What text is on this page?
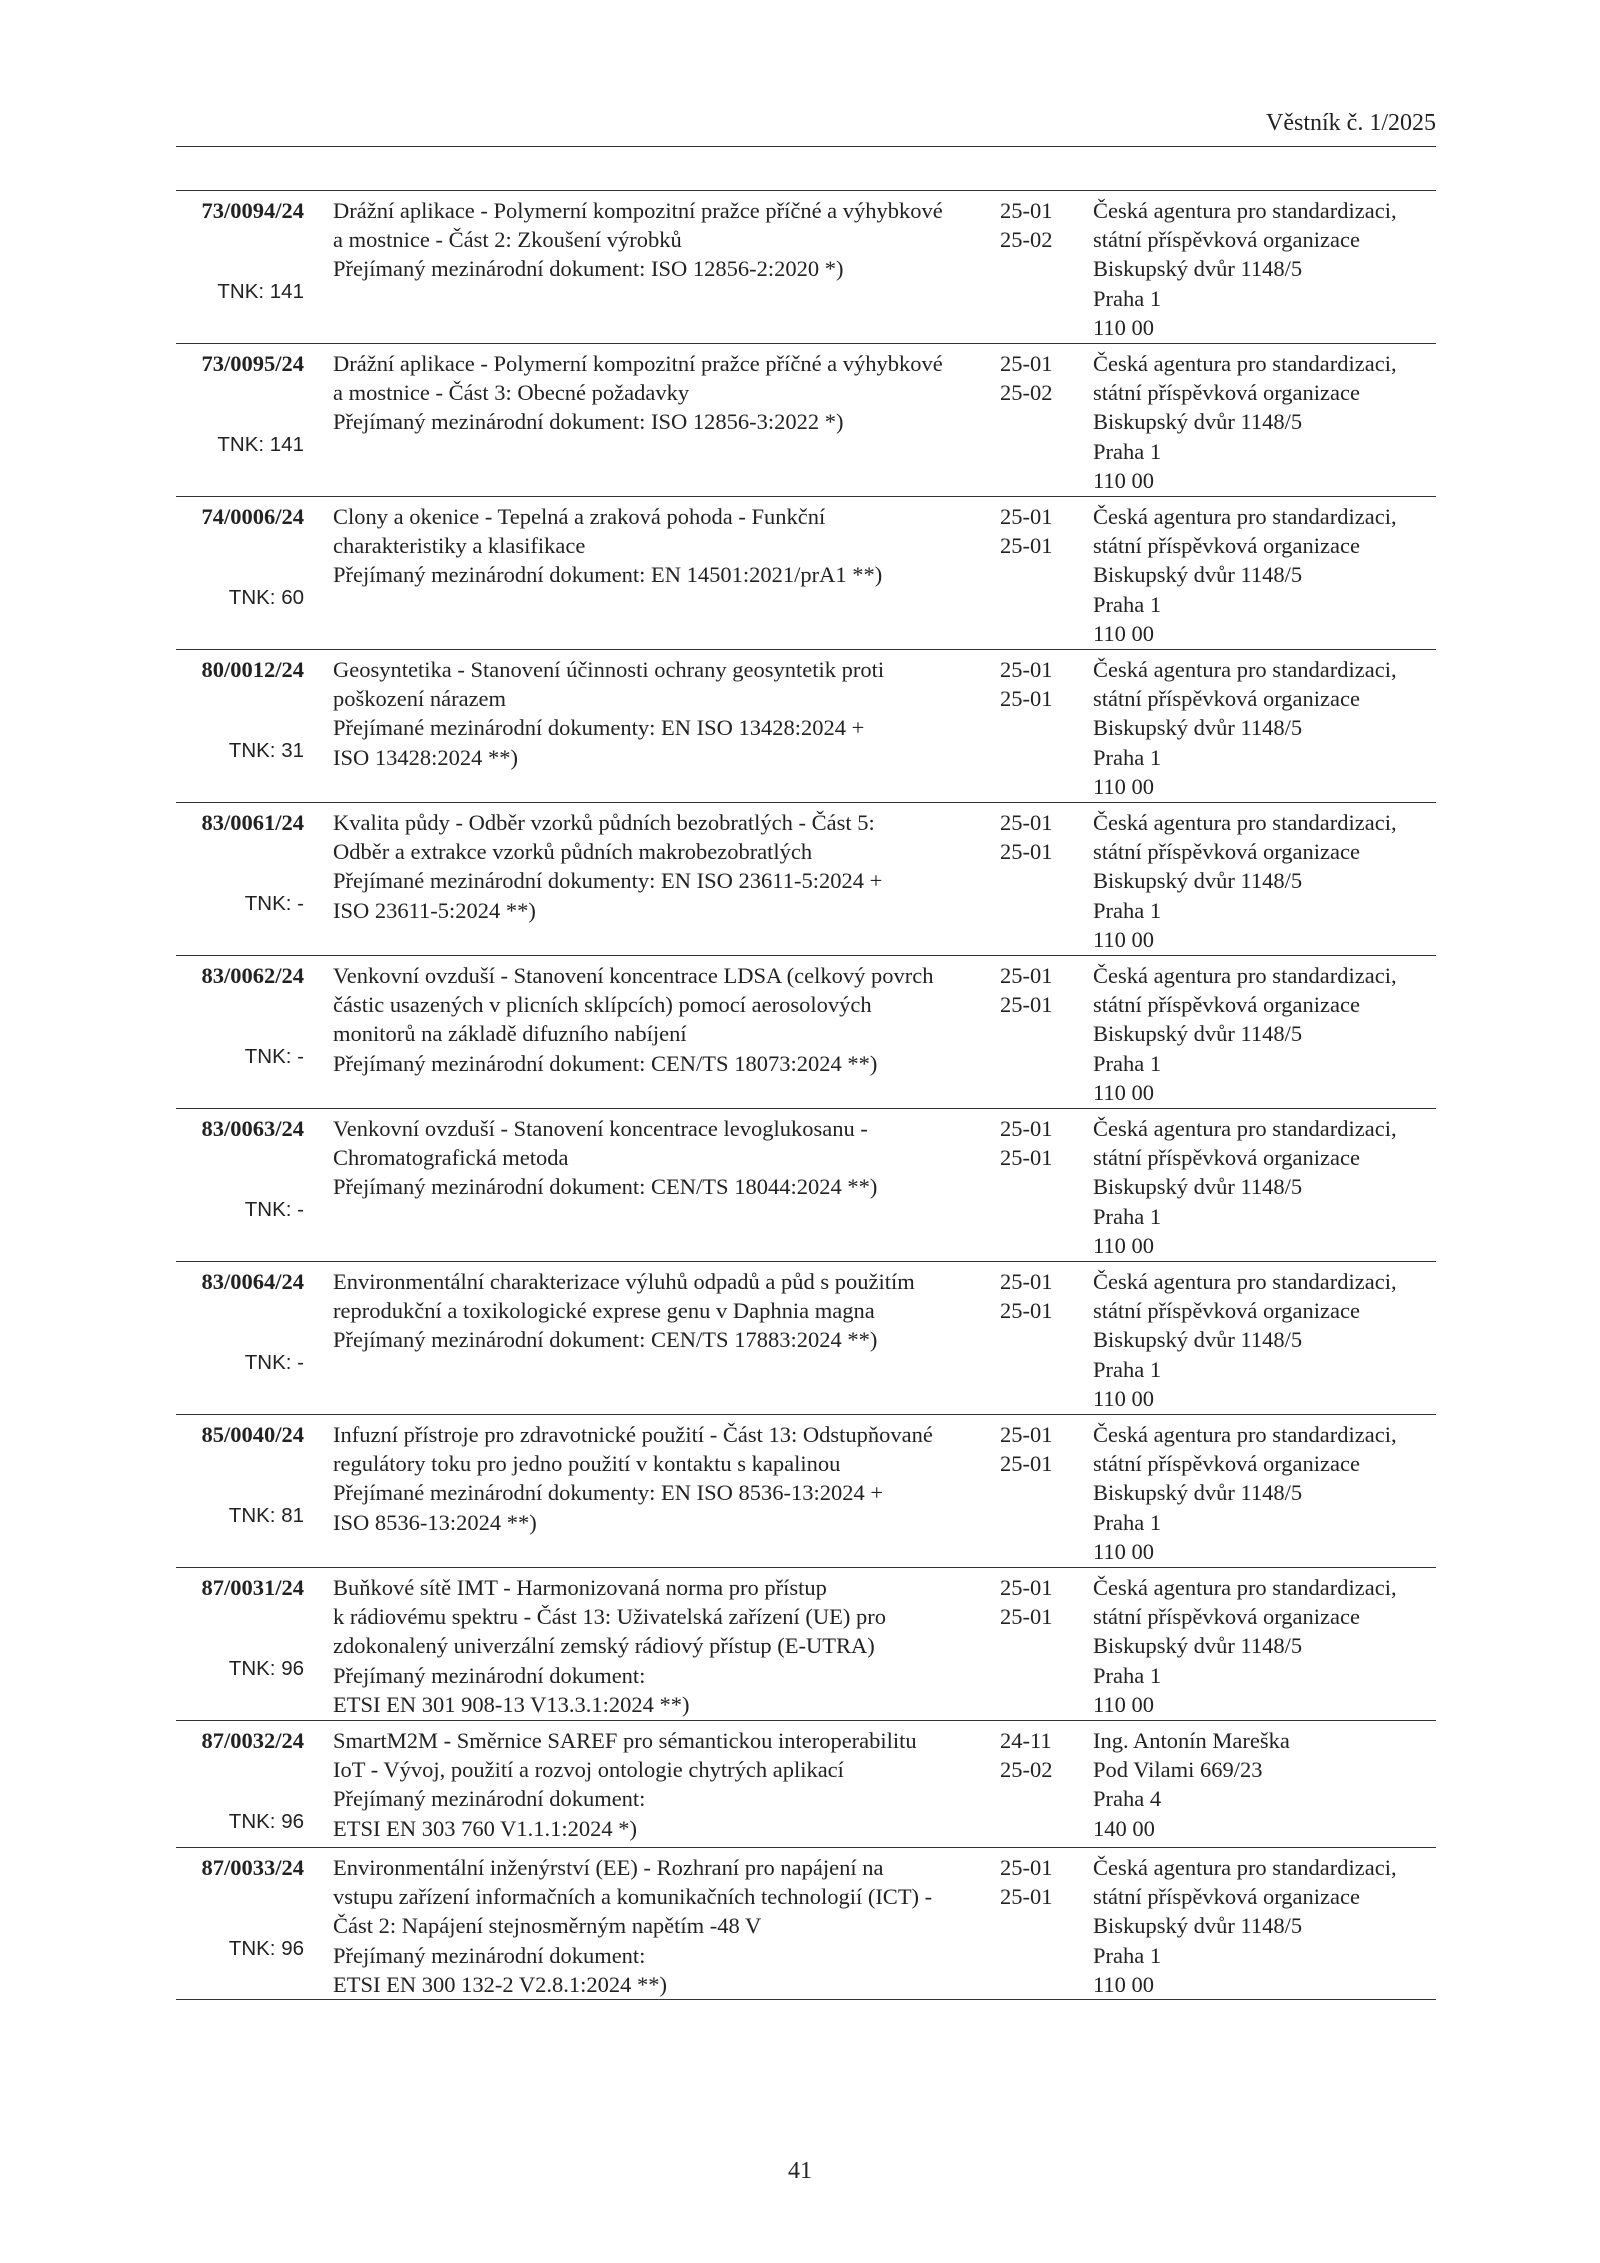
Věstník č. 1/2025
73/0094/24
TNK: 141
Drážní aplikace - Polymerní kompozitní pražce příčné a výhybkové
a mostnice - Část 2: Zkoušení výrobků
Přejímaný mezinárodní dokument: ISO 12856-2:2020 *)
25-01
25-02
Česká agentura pro standardizaci,
státní příspěvková organizace
Biskupský dvůr 1148/5
Praha 1
110 00
73/0095/24
TNK: 141
Drážní aplikace - Polymerní kompozitní pražce příčné a výhybkové
a mostnice - Část 3: Obecné požadavky
Přejímaný mezinárodní dokument: ISO 12856-3:2022 *)
25-01
25-02
Česká agentura pro standardizaci,
státní příspěvková organizace
Biskupský dvůr 1148/5
Praha 1
110 00
74/0006/24
TNK: 60
Clony a okenice - Tepelná a zraková pohoda - Funkční
charakteristiky a klasifikace
Přejímaný mezinárodní dokument: EN 14501:2021/prA1 **)
25-01
25-01
Česká agentura pro standardizaci,
státní příspěvková organizace
Biskupský dvůr 1148/5
Praha 1
110 00
80/0012/24
TNK: 31
Geosyntetika - Stanovení účinnosti ochrany geosyntetik proti
poškození nárazem
Přejímané mezinárodní dokumenty: EN ISO 13428:2024 +
ISO 13428:2024 **)
25-01
25-01
Česká agentura pro standardizaci,
státní příspěvková organizace
Biskupský dvůr 1148/5
Praha 1
110 00
83/0061/24
TNK: -
Kvalita půdy - Odběr vzorků půdních bezobratlých - Část 5:
Odběr a extrakce vzorků půdních makrobezobratlých
Přejímané mezinárodní dokumenty: EN ISO 23611-5:2024 +
ISO 23611-5:2024 **)
25-01
25-01
Česká agentura pro standardizaci,
státní příspěvková organizace
Biskupský dvůr 1148/5
Praha 1
110 00
83/0062/24
TNK: -
Venkovní ovzduší - Stanovení koncentrace LDSA (celkový povrch
částic usazených v plicních sklípcích) pomocí aerosolových
monitorů na základě difuzního nabíjení
Přejímaný mezinárodní dokument: CEN/TS 18073:2024 **)
25-01
25-01
Česká agentura pro standardizaci,
státní příspěvková organizace
Biskupský dvůr 1148/5
Praha 1
110 00
83/0063/24
TNK: -
Venkovní ovzduší - Stanovení koncentrace levoglukosanu -
Chromatografická metoda
Přejímaný mezinárodní dokument: CEN/TS 18044:2024 **)
25-01
25-01
Česká agentura pro standardizaci,
státní příspěvková organizace
Biskupský dvůr 1148/5
Praha 1
110 00
83/0064/24
TNK: -
Environmentální charakterizace výluhů odpadů a půd s použitím
reprodukční a toxikologické exprese genu v Daphnia magna
Přejímaný mezinárodní dokument: CEN/TS 17883:2024 **)
25-01
25-01
Česká agentura pro standardizaci,
státní příspěvková organizace
Biskupský dvůr 1148/5
Praha 1
110 00
85/0040/24
TNK: 81
Infuzní přístroje pro zdravotnické použití - Část 13: Odstupňované
regulátory toku pro jedno použití v kontaktu s kapalinou
Přejímané mezinárodní dokumenty: EN ISO 8536-13:2024 +
ISO 8536-13:2024 **)
25-01
25-01
Česká agentura pro standardizaci,
státní příspěvková organizace
Biskupský dvůr 1148/5
Praha 1
110 00
87/0031/24
TNK: 96
Buňkové sítě IMT - Harmonizovaná norma pro přístup
k rádiovému spektru - Část 13: Uživatelská zařízení (UE) pro
zdokonalený univerzální zemský rádiový přístup (E-UTRA)
Přejímaný mezinárodní dokument:
ETSI EN 301 908-13 V13.3.1:2024 **)
25-01
25-01
Česká agentura pro standardizaci,
státní příspěvková organizace
Biskupský dvůr 1148/5
Praha 1
110 00
87/0032/24
TNK: 96
SmartM2M - Směrnice SAREF pro sémantickou interoperabilitu
IoT - Vývoj, použití a rozvoj ontologie chytrých aplikací
Přejímaný mezinárodní dokument:
ETSI EN 303 760 V1.1.1:2024 *)
24-11
25-02
Ing. Antonín Mareška
Pod Vilami 669/23
Praha 4
140 00
87/0033/24
TNK: 96
Environmentální inženýrství (EE) - Rozhraní pro napájení na
vstupu zařízení informačních a komunikačních technologií (ICT) -
Část 2: Napájení stejnosměrným napětím -48 V
Přejímaný mezinárodní dokument:
ETSI EN 300 132-2 V2.8.1:2024 **)
25-01
25-01
Česká agentura pro standardizaci,
státní příspěvková organizace
Biskupský dvůr 1148/5
Praha 1
110 00
41
